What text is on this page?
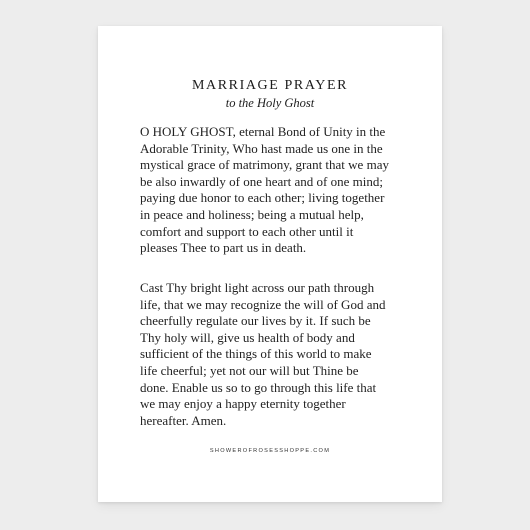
MARRIAGE PRAYER
to the Holy Ghost

O HOLY GHOST, eternal Bond of Unity in the
Adorable Trinity, Who hast made us one in the
mystical grace of matrimony, grant that we may
be also inwardly of one heart and of one mind;
paying due honor to each other; living together
in peace and holiness; being a mutual help,
comfort and support to each other until it
pleases Thee to part us in death.

Cast Thy bright light across our path through
life, that we may recognize the will of God and
cheerfully regulate our lives by it. If such be
Thy holy will, give us health of body and
sufficient of the things of this world to make
life cheerful; yet not our will but Thine be
done. Enable us so to go through this life that
we may enjoy a happy eternity together
hereafter. Amen.

SHOWEROFROSESSHOPPE.COM
